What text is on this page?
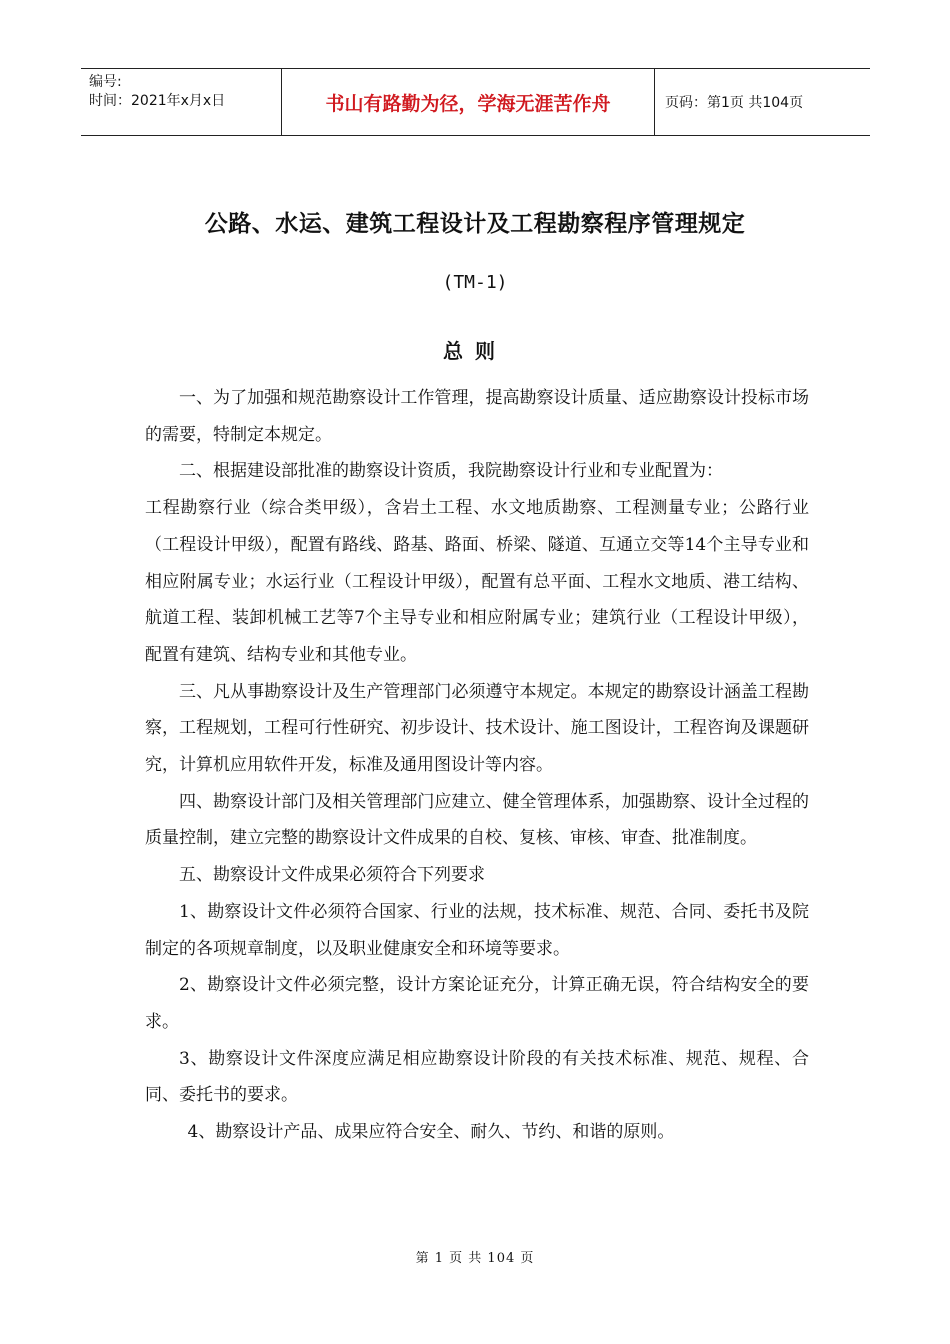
编号:
时间：2021年x月x日	书山有路勤为径，学海无涯苦作舟	页码：第1页 共104页
公路、水运、建筑工程设计及工程勘察程序管理规定
(TM-1)
总则

一、为了加强和规范勘察设计工作管理，提高勘察设计质量、适应勘察设计投标市场的需要，特制定本规定。

二、根据建设部批准的勘察设计资质，我院勘察设计行业和专业配置为：

工程勘察行业（综合类甲级），含岩土工程、水文地质勘察、工程测量专业；公路行业（工程设计甲级），配置有路线、路基、路面、桥梁、隧道、互通立交等14个主导专业和相应附属专业；水运行业（工程设计甲级），配置有总平面、工程水文地质、港工结构、航道工程、装卸机械工艺等7个主导专业和相应附属专业；建筑行业（工程设计甲级），配置有建筑、结构专业和其他专业。

三、凡从事勘察设计及生产管理部门必须遵守本规定。本规定的勘察设计涵盖工程勘察，工程规划，工程可行性研究、初步设计、技术设计、施工图设计，工程咨询及课题研究，计算机应用软件开发，标准及通用图设计等内容。

四、勘察设计部门及相关管理部门应建立、健全管理体系，加强勘察、设计全过程的质量控制，建立完整的勘察设计文件成果的自校、复核、审核、审查、批准制度。

五、勘察设计文件成果必须符合下列要求

1、勘察设计文件必须符合国家、行业的法规，技术标准、规范、合同、委托书及院制定的各项规章制度，以及职业健康安全和环境等要求。

2、勘察设计文件必须完整，设计方案论证充分，计算正确无误，符合结构安全的要求。

3、勘察设计文件深度应满足相应勘察设计阶段的有关技术标准、规范、规程、合同、委托书的要求。

4、勘察设计产品、成果应符合安全、耐久、节约、和谐的原则。

第 1 页 共 104 页
